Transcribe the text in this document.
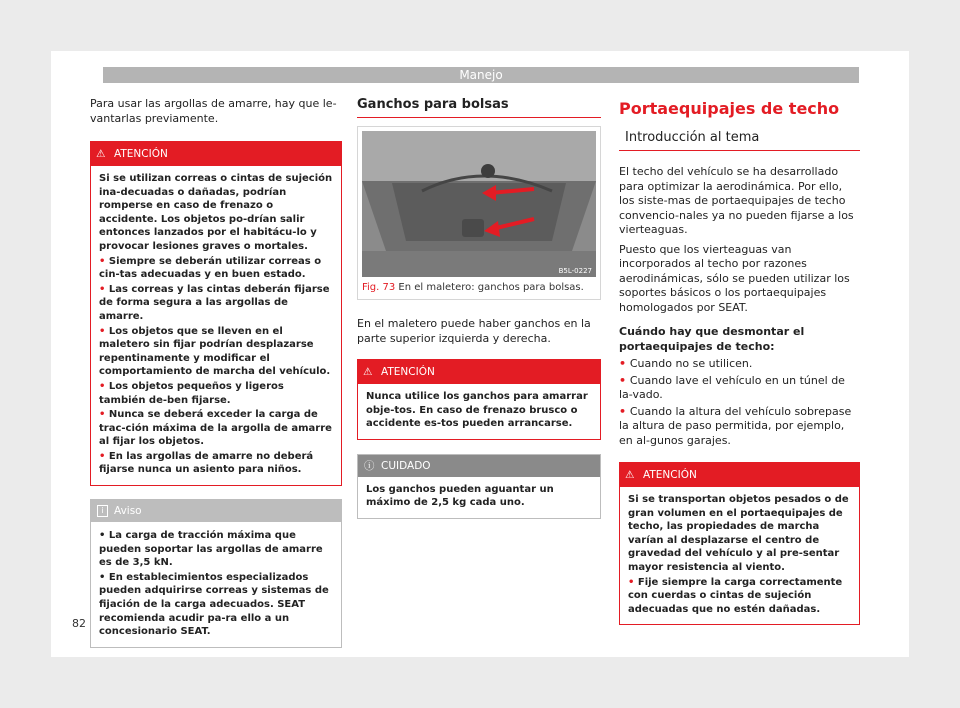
Manejo

Para usar las argollas de amarre, hay que le-vantarlas previamente.

⚠ ATENCIÓN
Si se utilizan correas o cintas de sujeción ina-decuadas o dañadas, podrían romperse en caso de frenazo o accidente. Los objetos po-drían salir entonces lanzados por el habitácu-lo y provocar lesiones graves o mortales.
• Siempre se deberán utilizar correas o cin-tas adecuadas y en buen estado.
• Las correas y las cintas deberán fijarse de forma segura a las argollas de amarre.
• Los objetos que se lleven en el maletero sin fijar podrían desplazarse repentinamente y modificar el comportamiento de marcha del vehículo.
• Los objetos pequeños y ligeros también de-ben fijarse.
• Nunca se deberá exceder la carga de trac-ción máxima de la argolla de amarre al fijar los objetos.
• En las argollas de amarre no deberá fijarse nunca un asiento para niños.
i Aviso
• La carga de tracción máxima que pueden soportar las argollas de amarre es de 3,5 kN.
• En establecimientos especializados pueden adquirirse correas y sistemas de fijación de la carga adecuados. SEAT recomienda acudir pa-ra ello a un concesionario SEAT.
Ganchos para bolsas
B5L-0227
Fig. 73 En el maletero: ganchos para bolsas.

En el maletero puede haber ganchos en la parte superior izquierda y derecha.

⚠ ATENCIÓN
Nunca utilice los ganchos para amarrar obje-tos. En caso de frenazo brusco o accidente es-tos pueden arrancarse.
ⓘ CUIDADO
Los ganchos pueden aguantar un máximo de 2,5 kg cada uno.
Portaequipajes de techo
Introducción al tema

El techo del vehículo se ha desarrollado para optimizar la aerodinámica. Por ello, los siste-mas de portaequipajes de techo convencio-nales ya no pueden fijarse a los vierteaguas.

Puesto que los vierteaguas van incorporados al techo por razones aerodinámicas, sólo se pueden utilizar los soportes básicos o los portaequipajes homologados por SEAT.

Cuándo hay que desmontar el portaequipajes de techo:

• Cuando no se utilicen.

• Cuando lave el vehículo en un túnel de la-vado.

• Cuando la altura del vehículo sobrepase la altura de paso permitida, por ejemplo, en al-gunos garajes.

⚠ ATENCIÓN
Si se transportan objetos pesados o de gran volumen en el portaequipajes de techo, las propiedades de marcha varían al desplazarse el centro de gravedad del vehículo y al pre-sentar mayor resistencia al viento.
• Fije siempre la carga correctamente con cuerdas o cintas de sujeción adecuadas que no estén dañadas.
82
